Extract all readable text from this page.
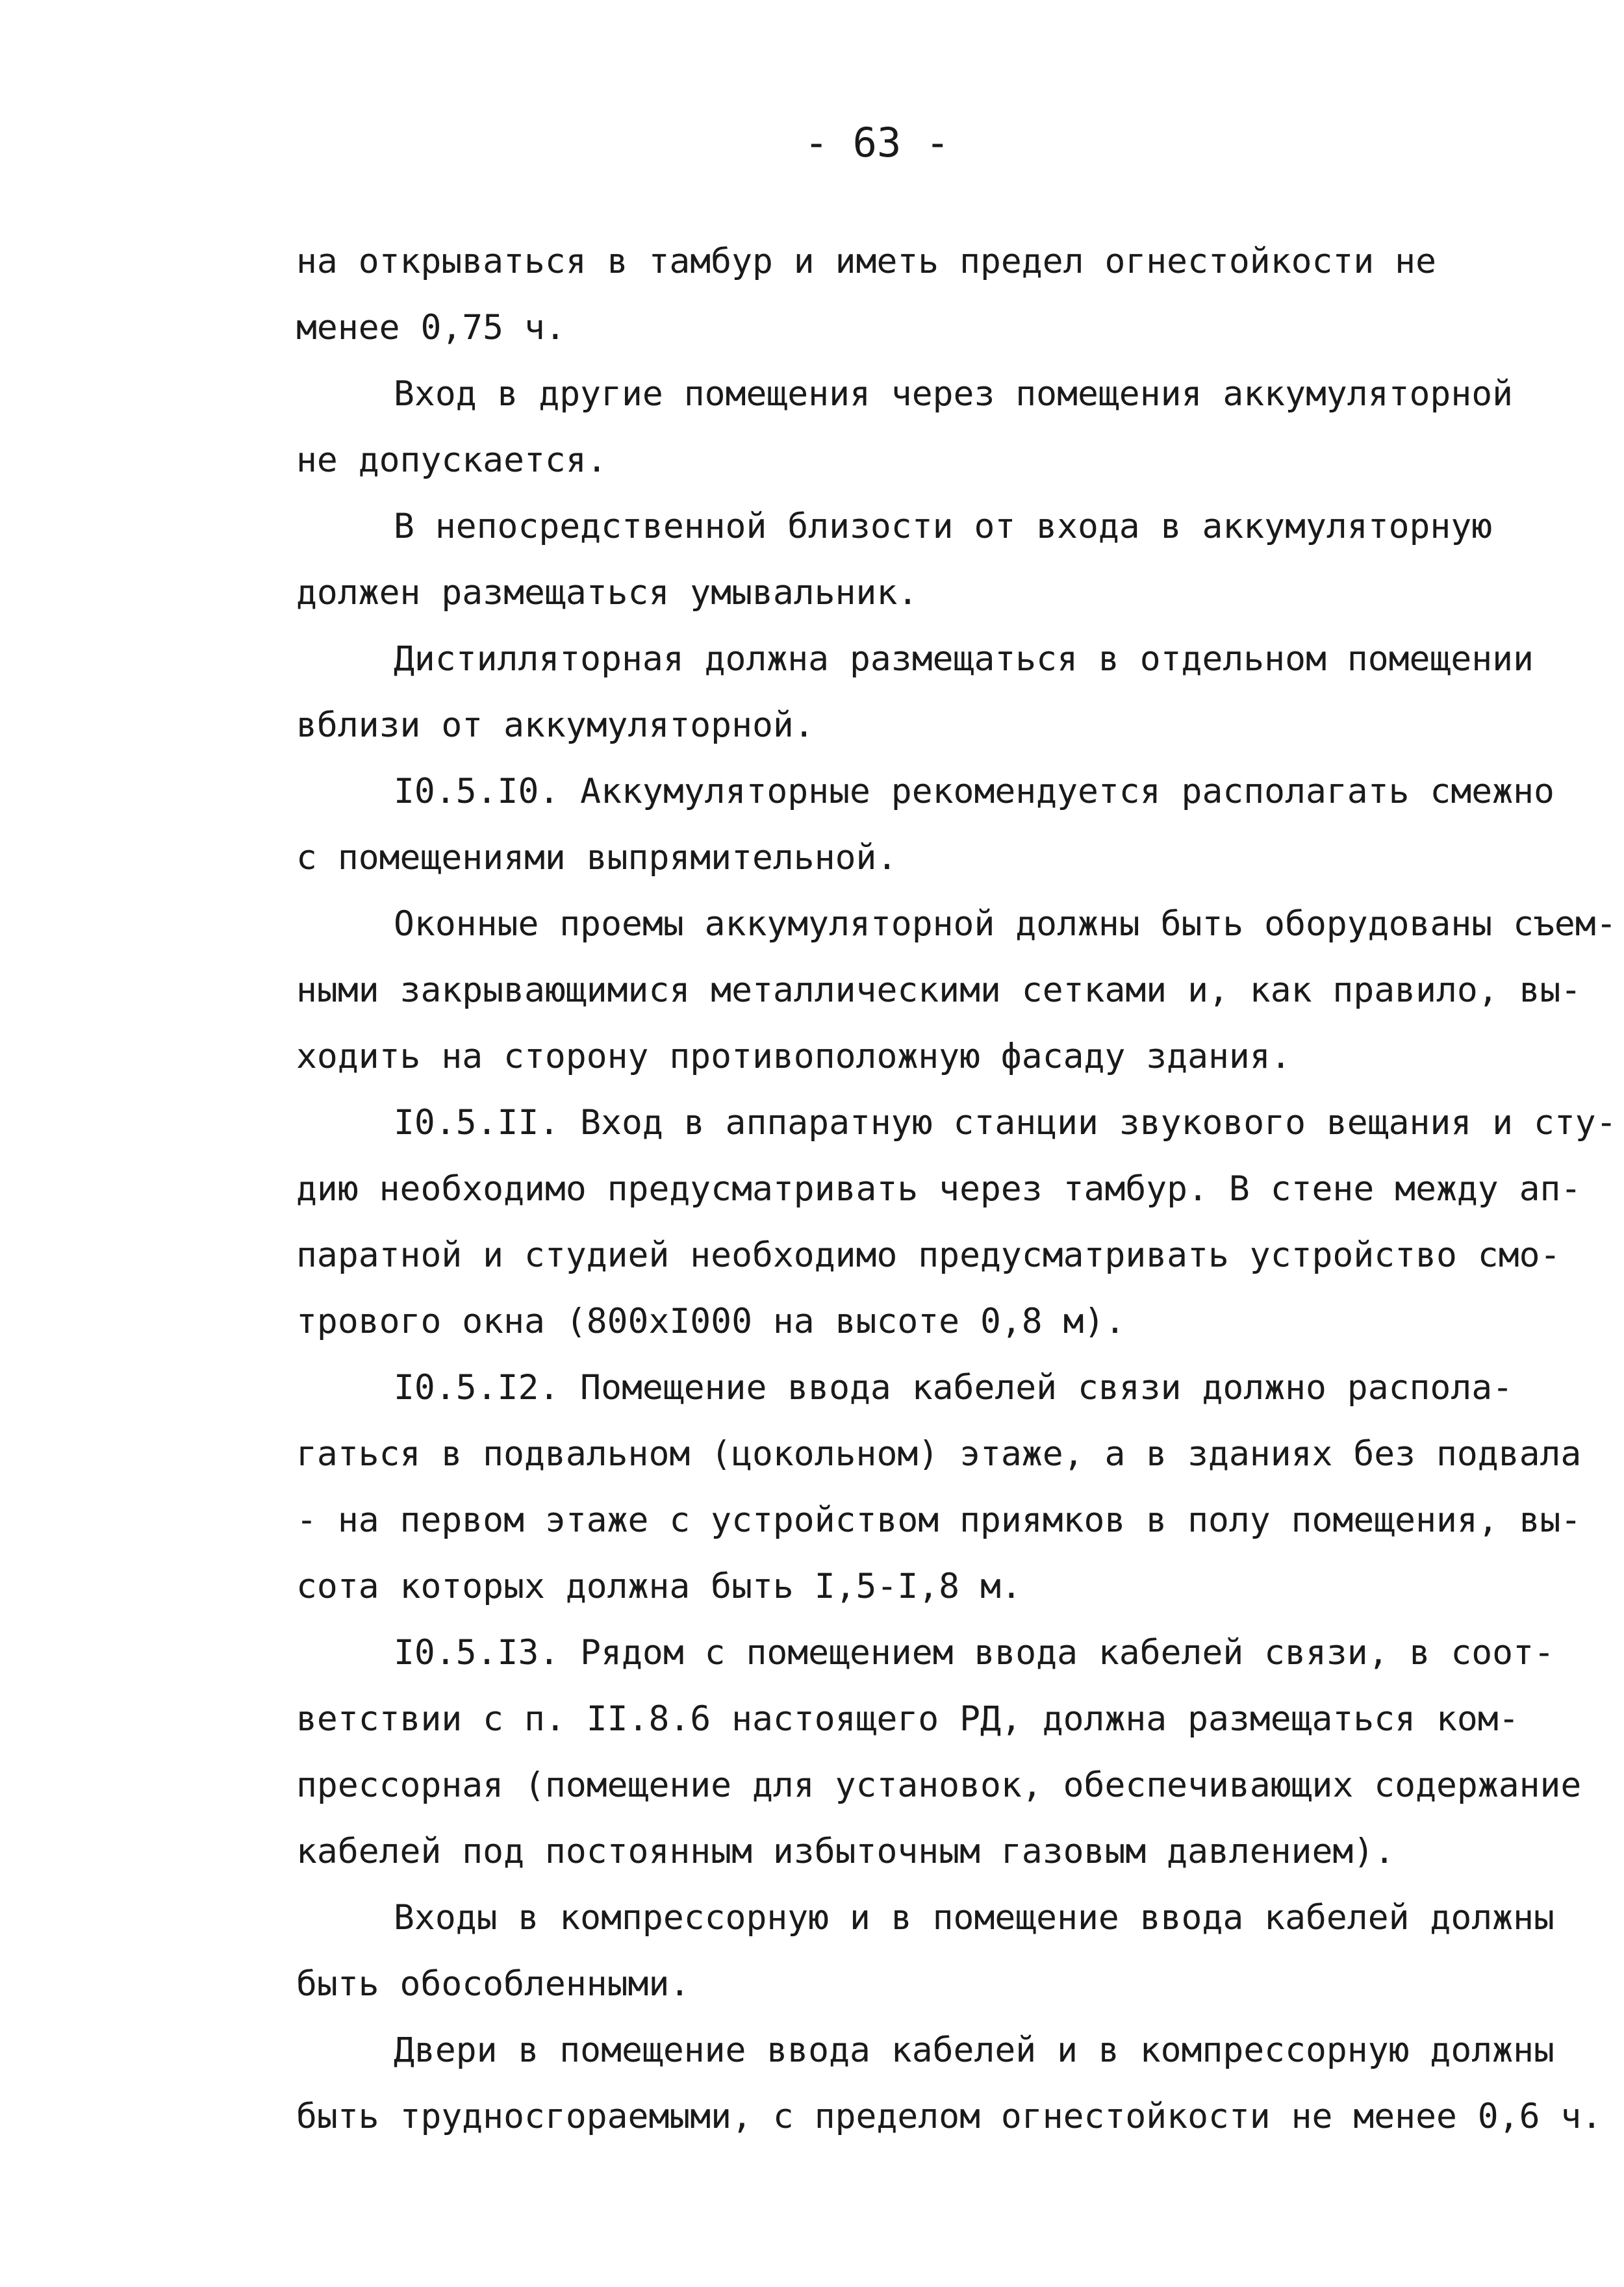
- 63 -
на открываться в тамбур и иметь предел огнестойкости не
менее 0,75 ч.
Вход в другие помещения через помещения аккумуляторной
не допускается.
В непосредственной близости от входа в аккумуляторную
должен размещаться умывальник.
Дистилляторная должна размещаться в отдельном помещении
вблизи от аккумуляторной.
I0.5.I0. Аккумуляторные рекомендуется располагать смежно
с помещениями выпрямительной.
Оконные проемы аккумуляторной должны быть оборудованы съем-
ными закрывающимися металлическими сетками и, как правило, вы-
ходить на сторону противоположную фасаду здания.
I0.5.II. Вход в аппаратную станции звукового вещания и сту-
дию необходимо предусматривать через тамбур. В стене между ап-
паратной и студией необходимо предусматривать устройство смо-
трового окна (800xI000 на высоте 0,8 м).
I0.5.I2. Помещение ввода кабелей связи должно распола-
гаться в подвальном (цокольном) этаже, а в зданиях без подвала
- на первом этаже с устройством приямков в полу помещения, вы-
сота которых должна быть I,5-I,8 м.
I0.5.I3. Рядом с помещением ввода кабелей связи, в соот-
ветствии с п. II.8.6 настоящего РД, должна размещаться ком-
прессорная (помещение для установок, обеспечивающих содержание
кабелей под постоянным избыточным газовым давлением).
Входы в компрессорную и в помещение ввода кабелей должны
быть обособленными.
Двери в помещение ввода кабелей и в компрессорную должны
быть трудносгораемыми, с пределом огнестойкости не менее 0,6 ч.
